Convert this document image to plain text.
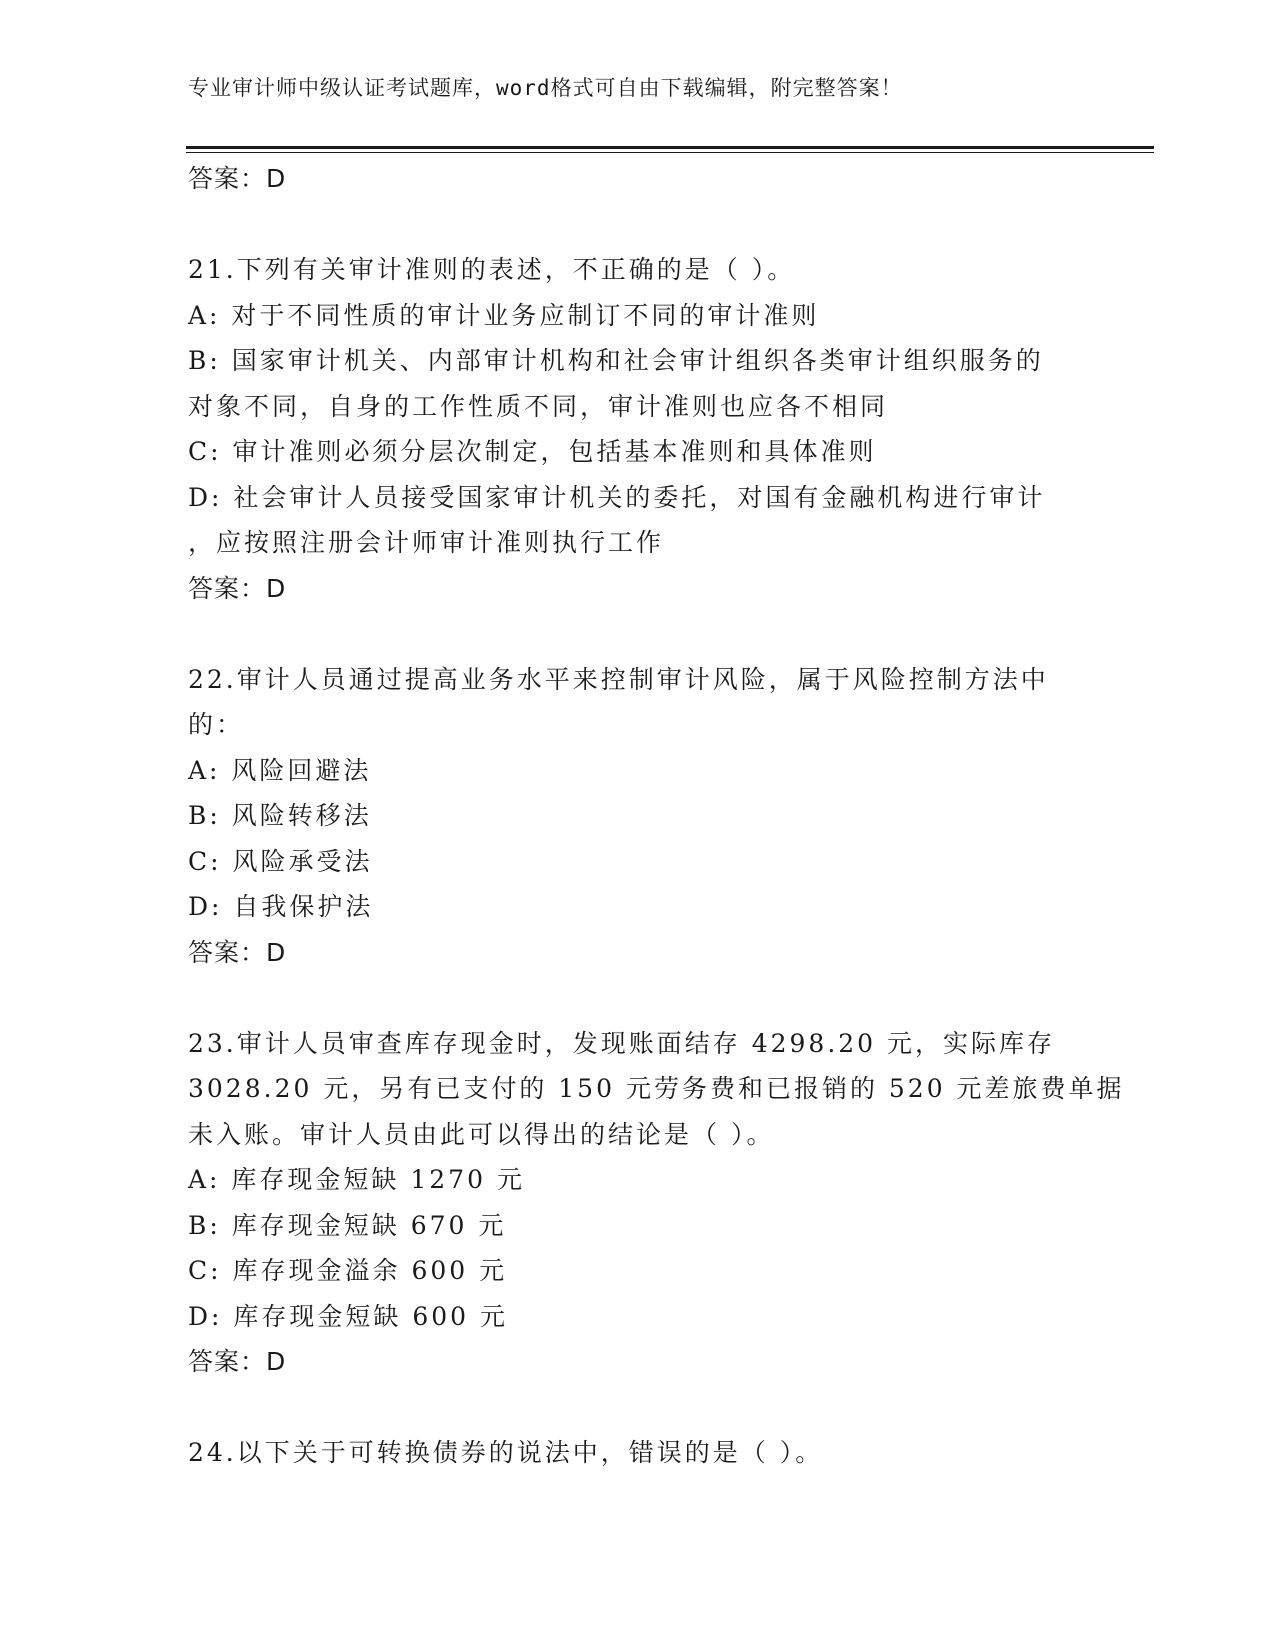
专业审计师中级认证考试题库，word格式可自由下载编辑，附完整答案！
答案：D
21.下列有关审计准则的表述，不正确的是（ ）。
A: 对于不同性质的审计业务应制订不同的审计准则
B: 国家审计机关、内部审计机构和社会审计组织各类审计组织服务的
对象不同，自身的工作性质不同，审计准则也应各不相同
C: 审计准则必须分层次制定，包括基本准则和具体准则
D: 社会审计人员接受国家审计机关的委托，对国有金融机构进行审计
，应按照注册会计师审计准则执行工作
答案：D
22.审计人员通过提高业务水平来控制审计风险，属于风险控制方法中
的：
A: 风险回避法
B: 风险转移法
C: 风险承受法
D: 自我保护法
答案：D
23.审计人员审查库存现金时，发现账面结存 4298.20 元，实际库存
3028.20 元，另有已支付的 150 元劳务费和已报销的 520 元差旅费单据
未入账。审计人员由此可以得出的结论是（ ）。
A: 库存现金短缺 1270 元
B: 库存现金短缺 670 元
C: 库存现金溢余 600 元
D: 库存现金短缺 600 元
答案：D
24.以下关于可转换债券的说法中，错误的是（ ）。
